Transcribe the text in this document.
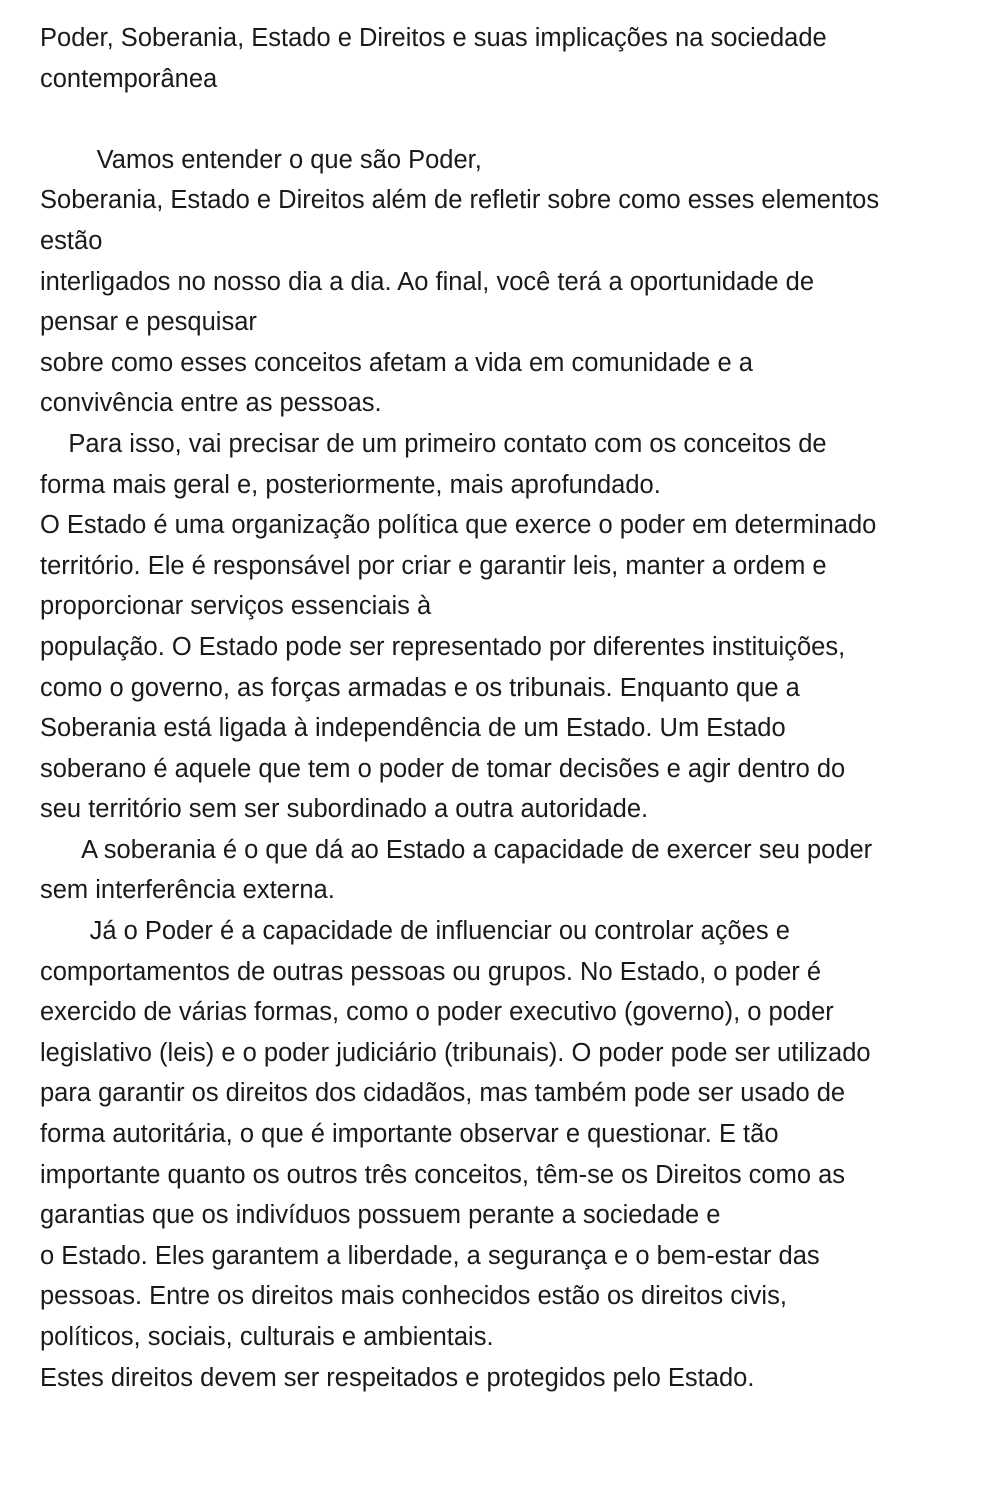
Poder, Soberania, Estado e Direitos e suas implicações na sociedade
contemporânea
Vamos entender o que são Poder,
Soberania, Estado e Direitos além de refletir sobre como esses elementos
estão
interligados no nosso dia a dia. Ao final, você terá a oportunidade de
pensar e pesquisar
sobre como esses conceitos afetam a vida em comunidade e a
convivência entre as pessoas.
Para isso, vai precisar de um primeiro contato com os conceitos de
forma mais geral e, posteriormente, mais aprofundado.
O Estado é uma organização política que exerce o poder em determinado
território. Ele é responsável por criar e garantir leis, manter a ordem e
proporcionar serviços essenciais à
população. O Estado pode ser representado por diferentes instituições,
como o governo, as forças armadas e os tribunais. Enquanto que a
Soberania está ligada à independência de um Estado. Um Estado
soberano é aquele que tem o poder de tomar decisões e agir dentro do
seu território sem ser subordinado a outra autoridade.
A soberania é o que dá ao Estado a capacidade de exercer seu poder
sem interferência externa.
Já o Poder é a capacidade de influenciar ou controlar ações e
comportamentos de outras pessoas ou grupos. No Estado, o poder é
exercido de várias formas, como o poder executivo (governo), o poder
legislativo (leis) e o poder judiciário (tribunais). O poder pode ser utilizado
para garantir os direitos dos cidadãos, mas também pode ser usado de
forma autoritária, o que é importante observar e questionar. E tão
importante quanto os outros três conceitos, têm-se os Direitos como as
garantias que os indivíduos possuem perante a sociedade e
o Estado. Eles garantem a liberdade, a segurança e o bem-estar das
pessoas. Entre os direitos mais conhecidos estão os direitos civis,
políticos, sociais, culturais e ambientais.
Estes direitos devem ser respeitados e protegidos pelo Estado.
